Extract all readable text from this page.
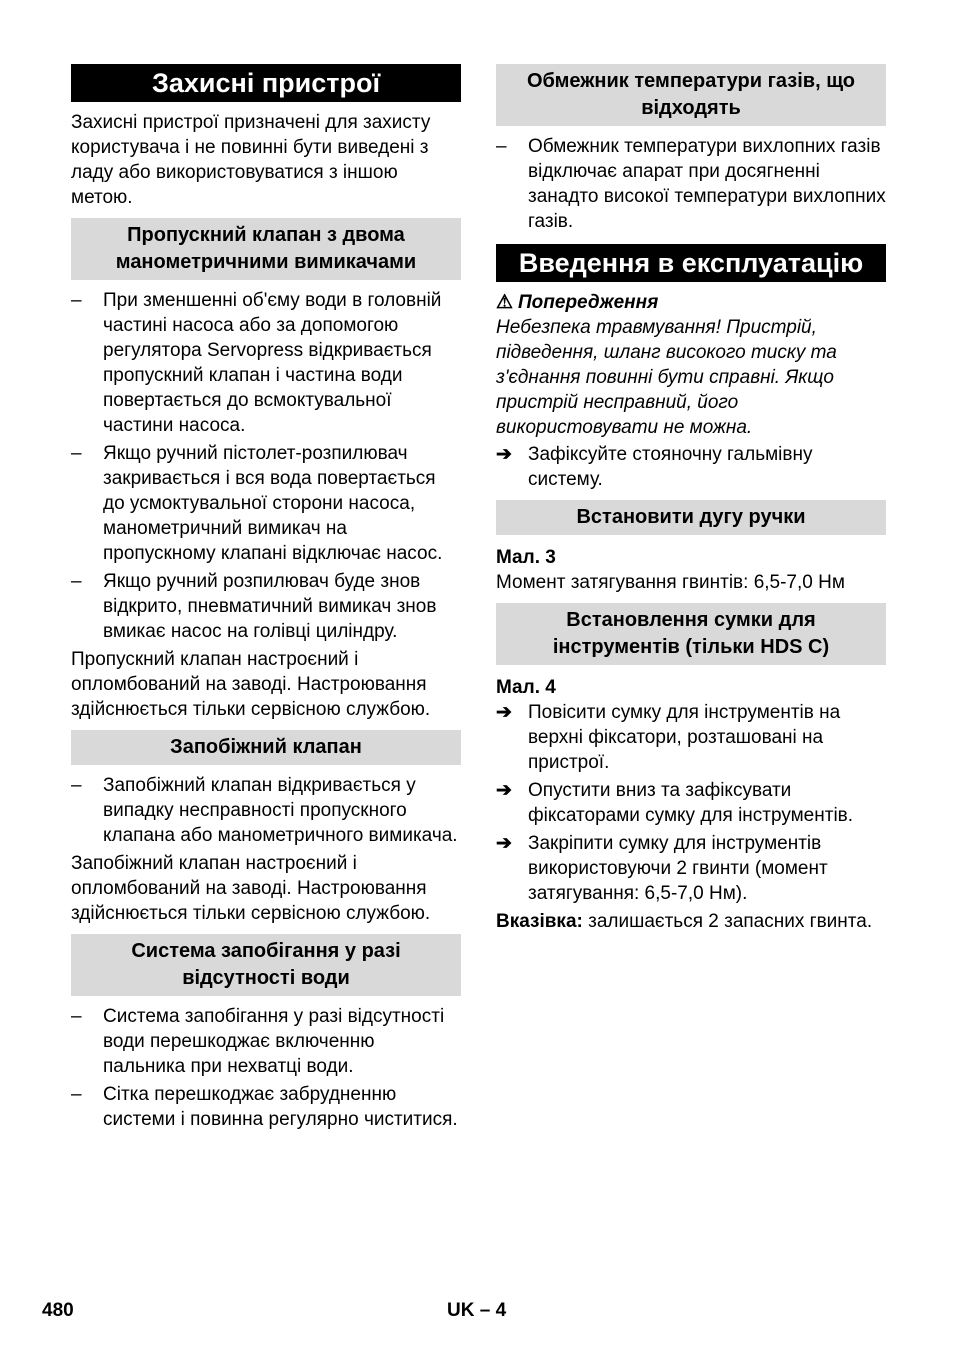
Захисні пристрої

Захисні пристрої призначені для захисту користувача і не повинні бути виведені з ладу або використовуватися з іншою метою.

Пропускний клапан з двома манометричними вимикачами
–	При зменшенні об'єму води в головній частині насоса або за допомогою регулятора Servopress відкривається пропускний клапан і частина води повертається до всмоктувальної частини насоса.
–	Якщо ручний пістолет-розпилювач закривається і вся вода повертається до усмоктувальної сторони насоса, манометричний вимикач на пропускному клапані відключає насос.
–	Якщо ручний розпилювач буде знов відкрито, пневматичний вимикач знов вмикає насос на голівці циліндру.

Пропускний клапан настроєний і опломбований на заводі. Настроювання здійснюється тільки сервісною службою.

Запобіжний клапан
–	Запобіжний клапан відкривається у випадку несправності пропускного клапана або манометричного вимикача.

Запобіжний клапан настроєний і опломбований на заводі. Настроювання здійснюється тільки сервісною службою.

Система запобігання у разі відсутності води
–	Система запобігання у разі відсутності води перешкоджає включенню пальника при нехватці води.
–	Сітка перешкоджає забрудненню системи і повинна регулярно чиститися.
Обмежник температури газів, що відходять
–	Обмежник температури вихлопних газів відключає апарат при досягненні занадто високої температури вихлопних газів.
Введення в експлуатацію
⚠ Попередження

Небезпека травмування! Пристрій, підведення, шланг високого тиску та з'єднання повинні бути справні. Якщо пристрій несправний, його використовувати не можна.

➔ Зафіксуйте стояночну гальмівну систему.
Встановити дугу ручки

Мал. 3

Момент затягування гвинтів: 6,5-7,0 Нм

Встановлення сумки для інструментів (тільки HDS C)

Мал. 4

➔ Повісити сумку для інструментів на верхні фіксатори, розташовані на пристрої.
➔ Опустити вниз та зафіксувати фіксаторами сумку для інструментів.
➔ Закріпити сумку для інструментів використовуючи 2 гвинти (момент затягування: 6,5-7,0 Нм).

Вказівка: залишається 2 запасних гвинта.

480	UK – 4
